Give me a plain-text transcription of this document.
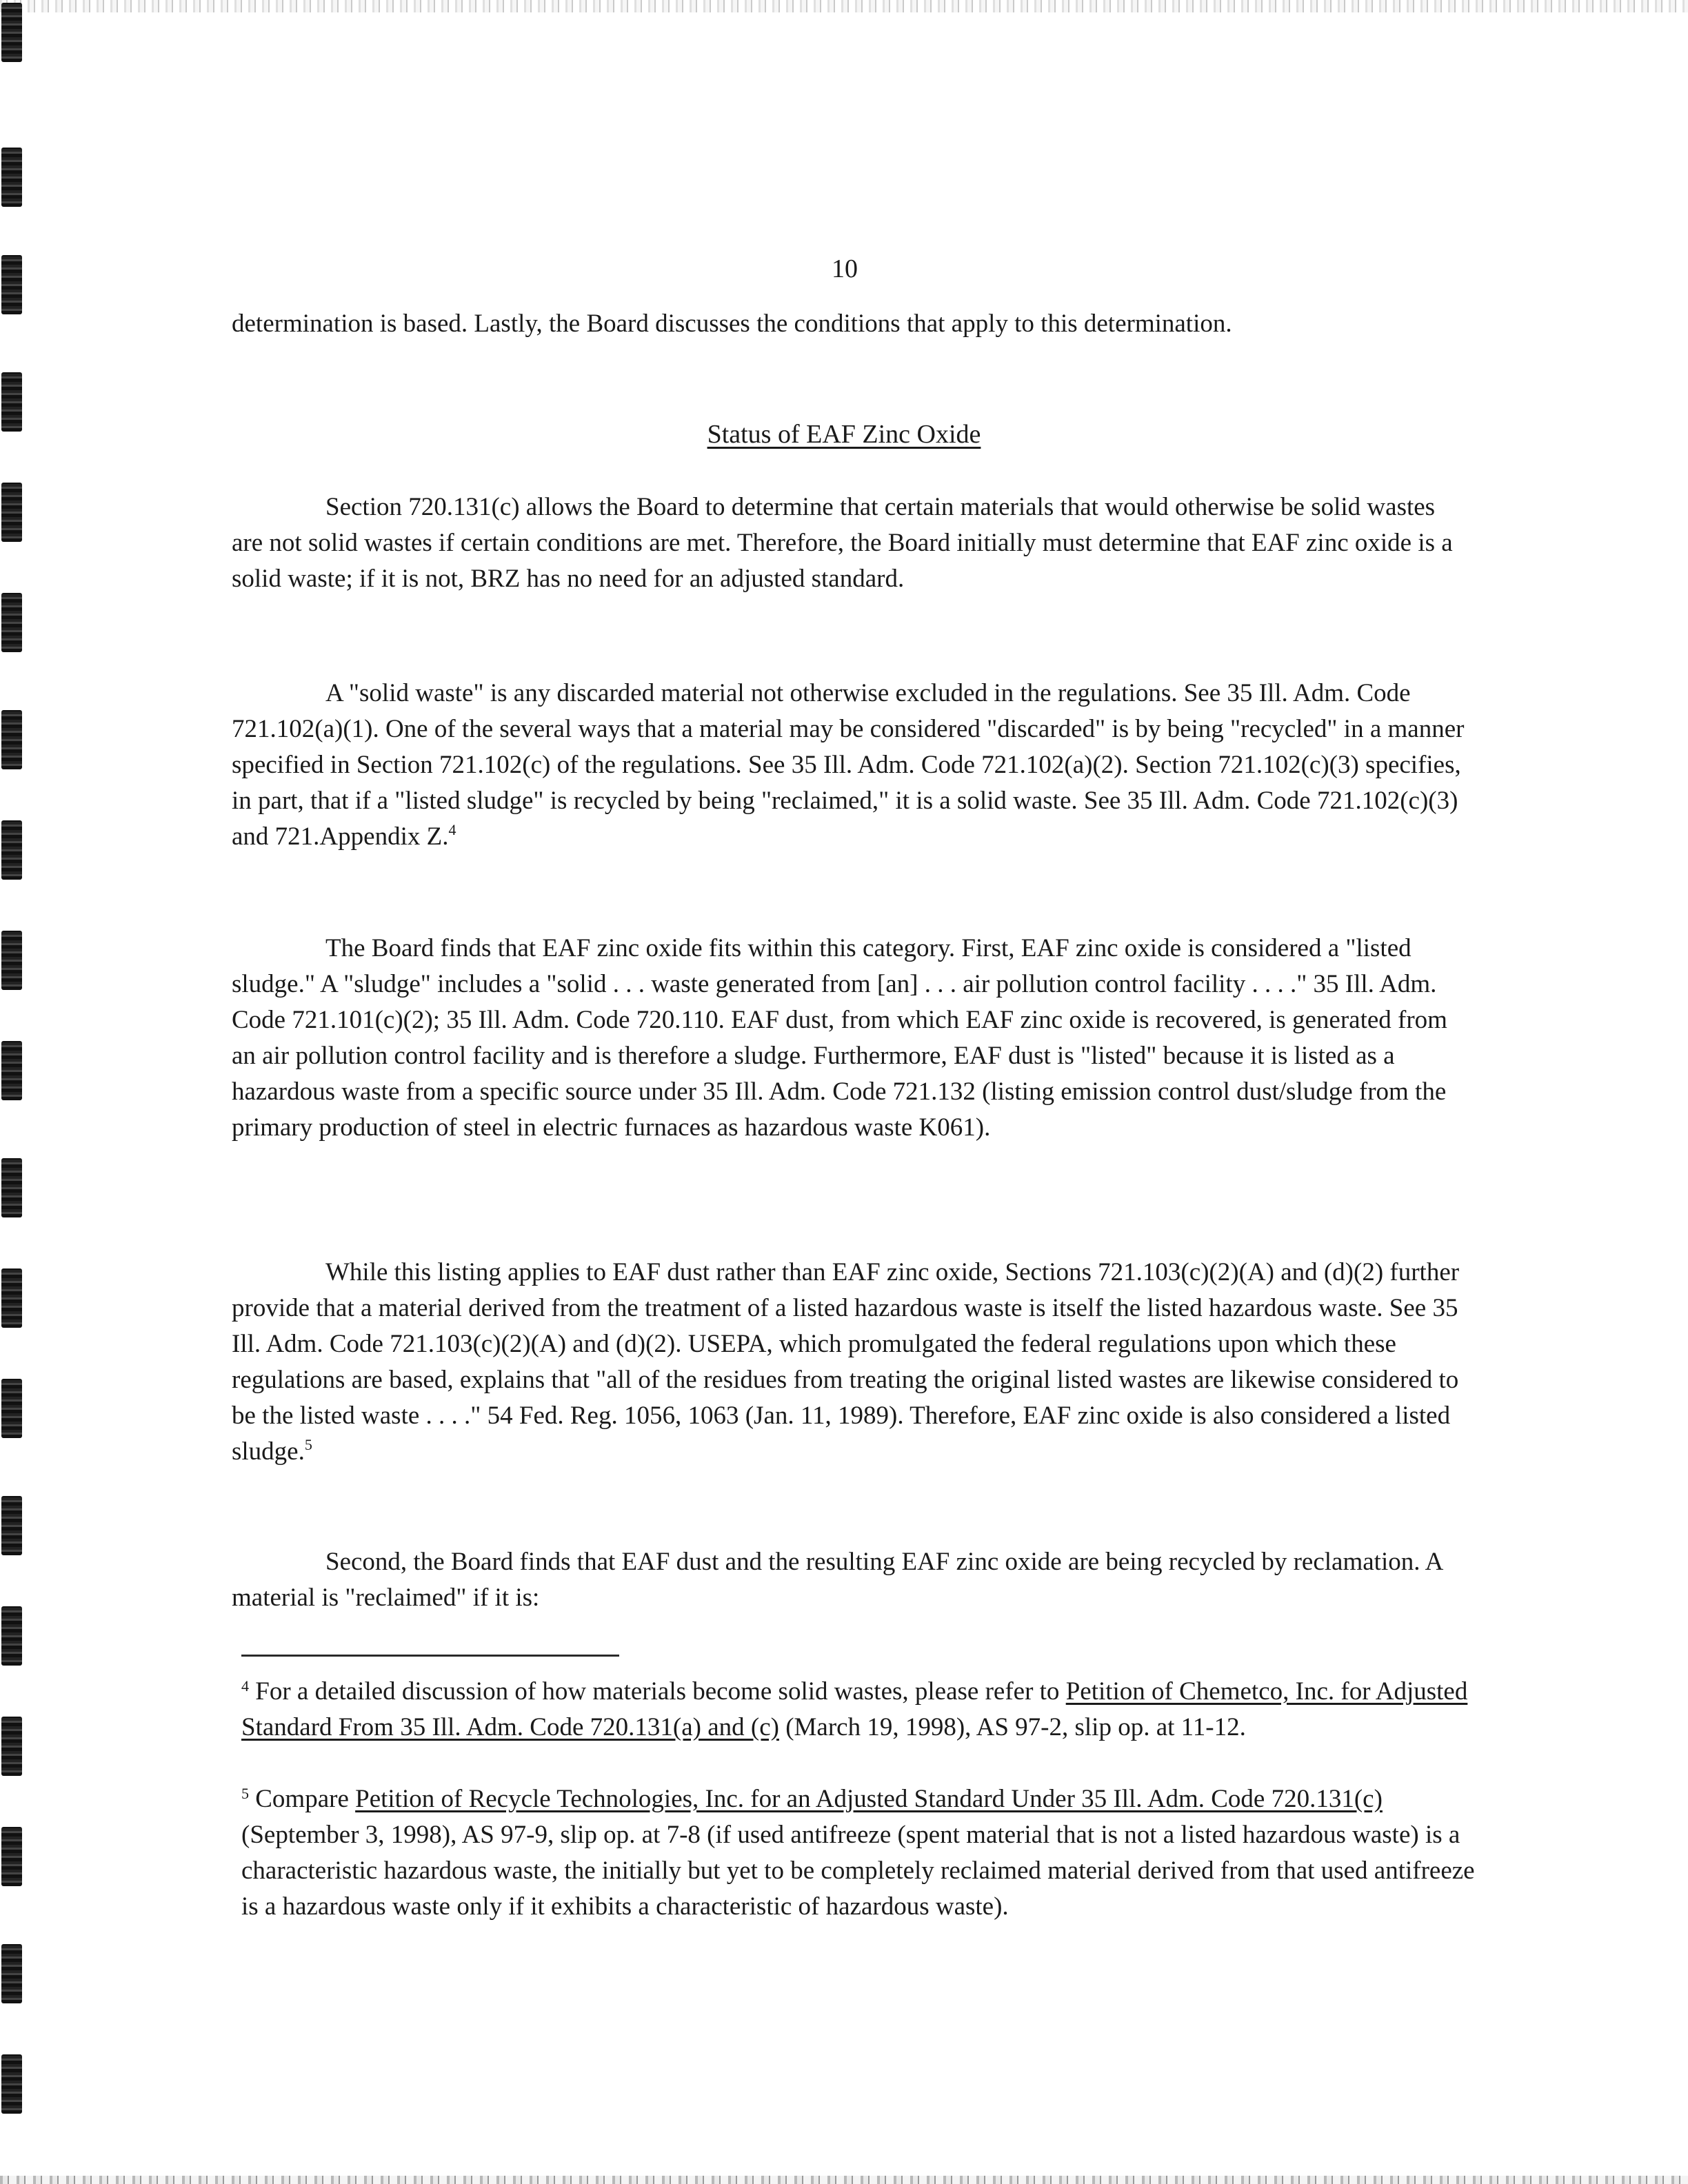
10

determination is based. Lastly, the Board discusses the conditions that apply to this determination.

Status of EAF Zinc Oxide

Section 720.131(c) allows the Board to determine that certain materials that would otherwise be solid wastes are not solid wastes if certain conditions are met. Therefore, the Board initially must determine that EAF zinc oxide is a solid waste; if it is not, BRZ has no need for an adjusted standard.

A "solid waste" is any discarded material not otherwise excluded in the regulations. See 35 Ill. Adm. Code 721.102(a)(1). One of the several ways that a material may be considered "discarded" is by being "recycled" in a manner specified in Section 721.102(c) of the regulations. See 35 Ill. Adm. Code 721.102(a)(2). Section 721.102(c)(3) specifies, in part, that if a "listed sludge" is recycled by being "reclaimed," it is a solid waste. See 35 Ill. Adm. Code 721.102(c)(3) and 721.Appendix Z.$^4$

The Board finds that EAF zinc oxide fits within this category. First, EAF zinc oxide is considered a "listed sludge." A "sludge" includes a "solid . . . waste generated from [an] . . . air pollution control facility . . . ." 35 Ill. Adm. Code 721.101(c)(2); 35 Ill. Adm. Code 720.110. EAF dust, from which EAF zinc oxide is recovered, is generated from an air pollution control facility and is therefore a sludge. Furthermore, EAF dust is "listed" because it is listed as a hazardous waste from a specific source under 35 Ill. Adm. Code 721.132 (listing emission control dust/sludge from the primary production of steel in electric furnaces as hazardous waste K061).

While this listing applies to EAF dust rather than EAF zinc oxide, Sections 721.103(c)(2)(A) and (d)(2) further provide that a material derived from the treatment of a listed hazardous waste is itself the listed hazardous waste. See 35 Ill. Adm. Code 721.103(c)(2)(A) and (d)(2). USEPA, which promulgated the federal regulations upon which these regulations are based, explains that "all of the residues from treating the original listed wastes are likewise considered to be the listed waste . . . ." 54 Fed. Reg. 1056, 1063 (Jan. 11, 1989). Therefore, EAF zinc oxide is also considered a listed sludge.$^5$

Second, the Board finds that EAF dust and the resulting EAF zinc oxide are being recycled by reclamation. A material is "reclaimed" if it is:

$^4$ For a detailed discussion of how materials become solid wastes, please refer to Petition of Chemetco, Inc. for Adjusted Standard From 35 Ill. Adm. Code 720.131(a) and (c) (March 19, 1998), AS 97-2, slip op. at 11-12.

$^5$ Compare Petition of Recycle Technologies, Inc. for an Adjusted Standard Under 35 Ill. Adm. Code 720.131(c) (September 3, 1998), AS 97-9, slip op. at 7-8 (if used antifreeze (spent material that is not a listed hazardous waste) is a characteristic hazardous waste, the initially but yet to be completely reclaimed material derived from that used antifreeze is a hazardous waste only if it exhibits a characteristic of hazardous waste).
